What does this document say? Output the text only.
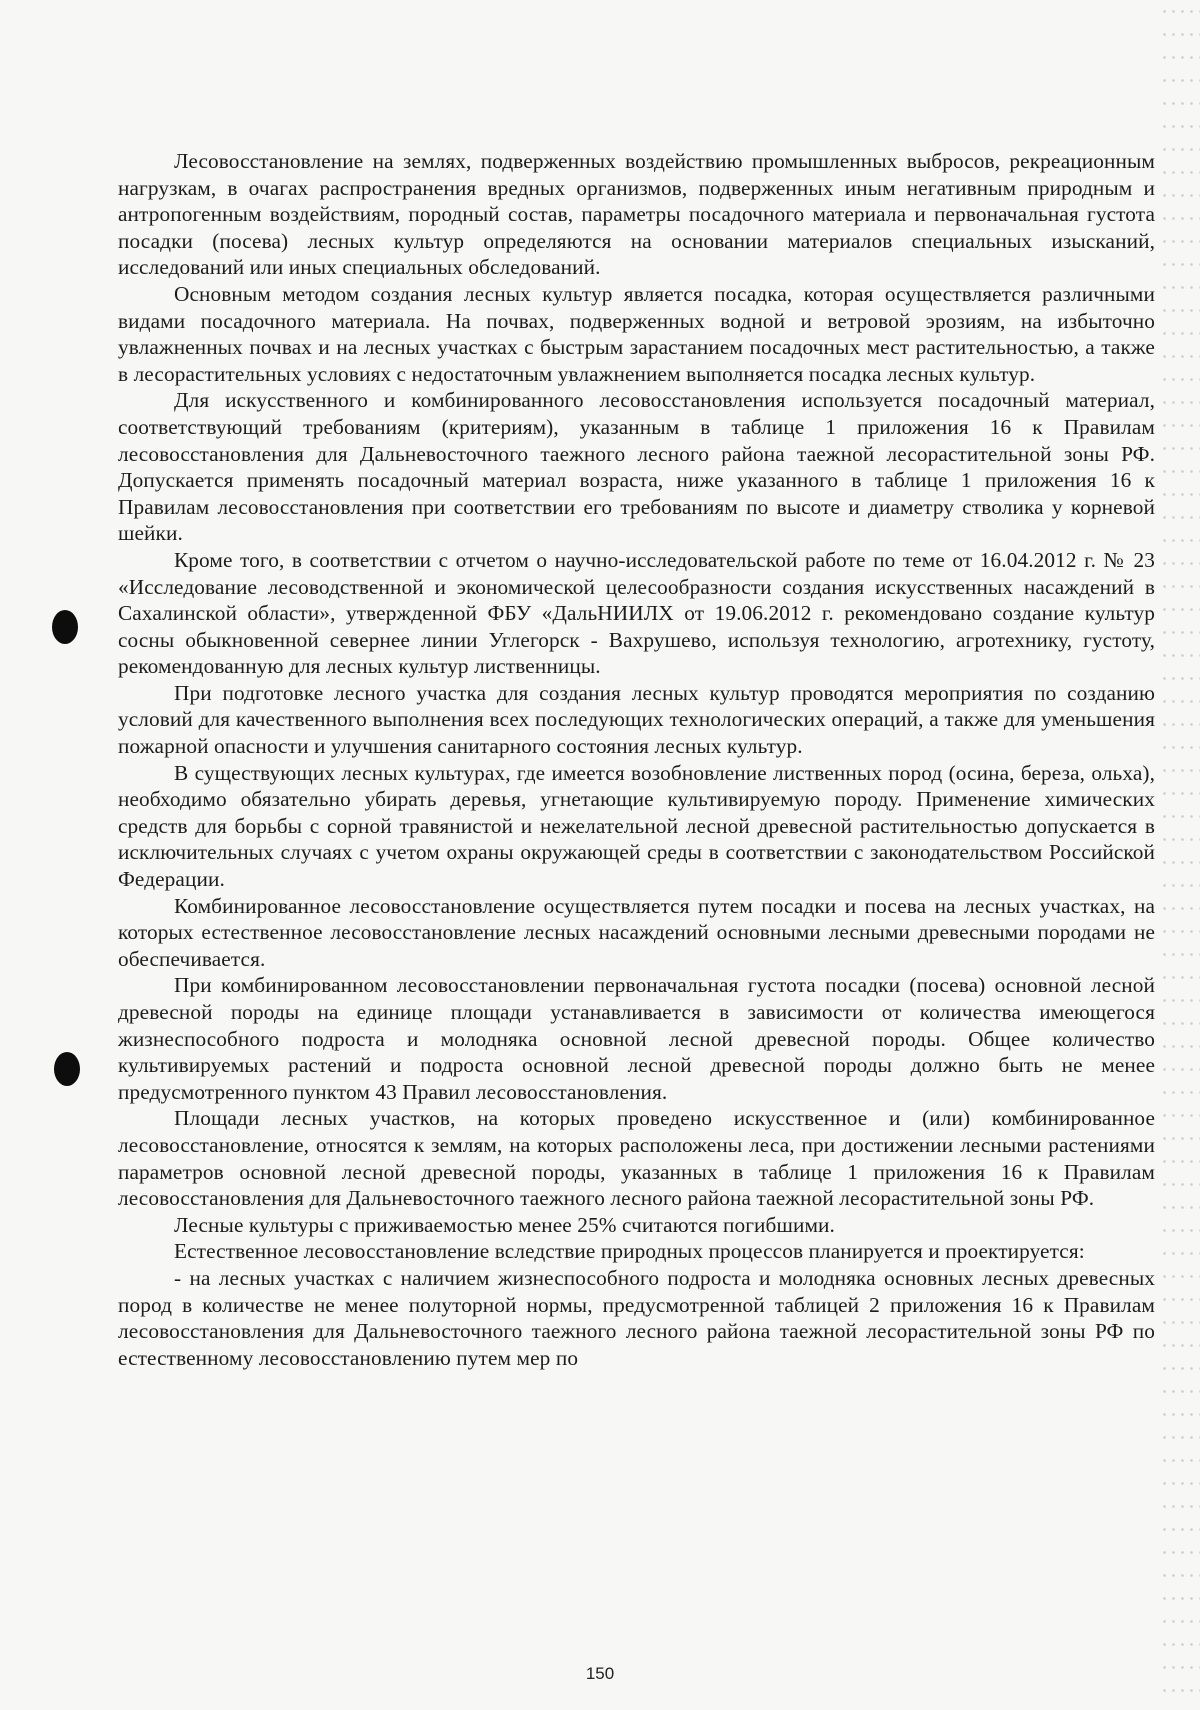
Лесовосстановление на землях, подверженных воздействию промышленных выбросов, рекреационным нагрузкам, в очагах распространения вредных организмов, подверженных иным негативным природным и антропогенным воздействиям, породный состав, параметры посадочного материала и первоначальная густота посадки (посева) лесных культур определяются на основании материалов специальных изысканий, исследований или иных специальных обследований.

Основным методом создания лесных культур является посадка, которая осуществляется различными видами посадочного материала. На почвах, подверженных водной и ветровой эрозиям, на избыточно увлажненных почвах и на лесных участках с быстрым зарастанием посадочных мест растительностью, а также в лесорастительных условиях с недостаточным увлажнением выполняется посадка лесных культур.

Для искусственного и комбинированного лесовосстановления используется посадочный материал, соответствующий требованиям (критериям), указанным в таблице 1 приложения 16 к Правилам лесовосстановления для Дальневосточного таежного лесного района таежной лесорастительной зоны РФ. Допускается применять посадочный материал возраста, ниже указанного в таблице 1 приложения 16 к Правилам лесовосстановления при соответствии его требованиям по высоте и диаметру стволика у корневой шейки.

Кроме того, в соответствии с отчетом о научно-исследовательской работе по теме от 16.04.2012 г. № 23 «Исследование лесоводственной и экономической целесообразности создания искусственных насаждений в Сахалинской области», утвержденной ФБУ «ДальНИИЛХ от 19.06.2012 г. рекомендовано создание культур сосны обыкновенной севернее линии Углегорск - Вахрушево, используя технологию, агротехнику, густоту, рекомендованную для лесных культур лиственницы.

При подготовке лесного участка для создания лесных культур проводятся мероприятия по созданию условий для качественного выполнения всех последующих технологических операций, а также для уменьшения пожарной опасности и улучшения санитарного состояния лесных культур.

В существующих лесных культурах, где имеется возобновление лиственных пород (осина, береза, ольха), необходимо обязательно убирать деревья, угнетающие культивируемую породу. Применение химических средств для борьбы с сорной травянистой и нежелательной лесной древесной растительностью допускается в исключительных случаях с учетом охраны окружающей среды в соответствии с законодательством Российской Федерации.

Комбинированное лесовосстановление осуществляется путем посадки и посева на лесных участках, на которых естественное лесовосстановление лесных насаждений основными лесными древесными породами не обеспечивается.

При комбинированном лесовосстановлении первоначальная густота посадки (посева) основной лесной древесной породы на единице площади устанавливается в зависимости от количества имеющегося жизнеспособного подроста и молодняка основной лесной древесной породы. Общее количество культивируемых растений и подроста основной лесной древесной породы должно быть не менее предусмотренного пунктом 43 Правил лесовосстановления.

Площади лесных участков, на которых проведено искусственное и (или) комбинированное лесовосстановление, относятся к землям, на которых расположены леса, при достижении лесными растениями параметров основной лесной древесной породы, указанных в таблице 1 приложения 16 к Правилам лесовосстановления для Дальневосточного таежного лесного района таежной лесорастительной зоны РФ.

Лесные культуры с приживаемостью менее 25% считаются погибшими.

Естественное лесовосстановление вследствие природных процессов планируется и проектируется:

- на лесных участках с наличием жизнеспособного подроста и молодняка основных лесных древесных пород в количестве не менее полуторной нормы, предусмотренной таблицей 2 приложения 16 к Правилам лесовосстановления для Дальневосточного таежного лесного района таежной лесорастительной зоны РФ по естественному лесовосстановлению путем мер по

150
